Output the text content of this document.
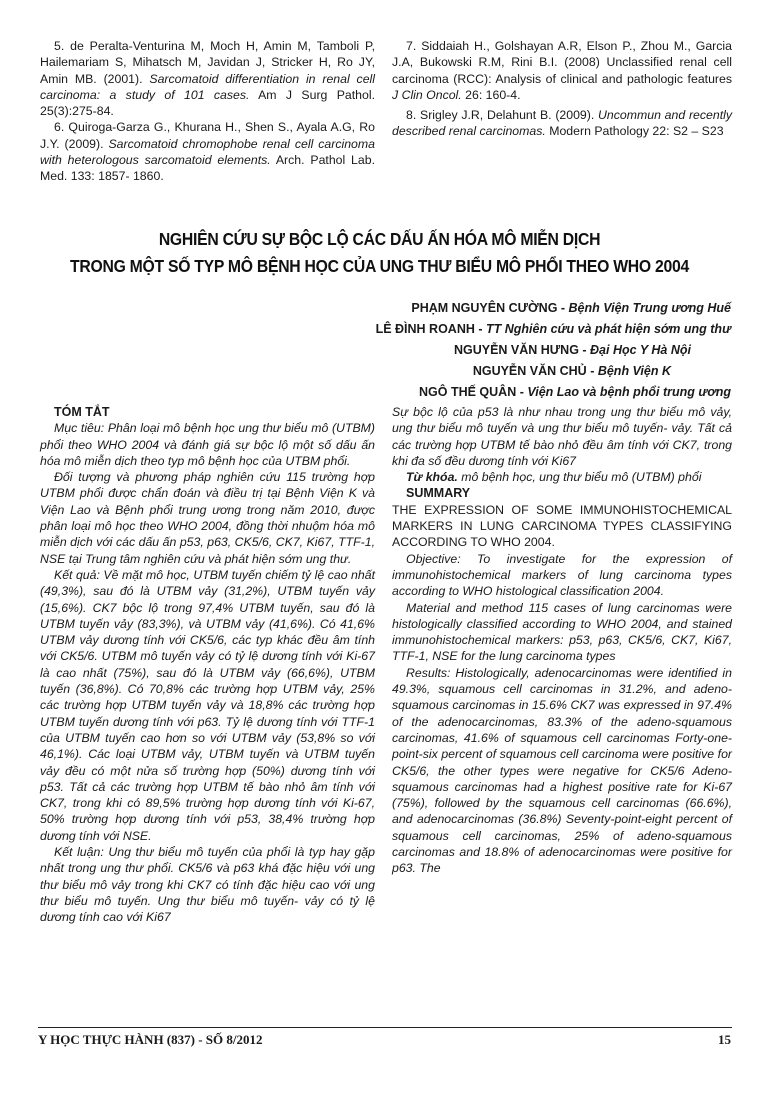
5. de Peralta-Venturina M, Moch H, Amin M, Tamboli P, Hailemariam S, Mihatsch M, Javidan J, Stricker H, Ro JY, Amin MB. (2001). Sarcomatoid differentiation in renal cell carcinoma: a study of 101 cases. Am J Surg Pathol. 25(3):275-84.

6. Quiroga-Garza G., Khurana H., Shen S., Ayala A.G, Ro J.Y. (2009). Sarcomatoid chromophobe renal cell carcinoma with heterologous sarcomatoid elements. Arch. Pathol Lab. Med. 133: 1857- 1860.

7. Siddaiah H., Golshayan A.R, Elson P., Zhou M., Garcia J.A, Bukowski R.M, Rini B.I. (2008) Unclassified renal cell carcinoma (RCC): Analysis of clinical and pathologic features J Clin Oncol. 26: 160-4.

8. Srigley J.R, Delahunt B. (2009). Uncommun and recently described renal carcinomas. Modern Pathology 22: S2 – S23

NGHIÊN CỨU SỰ BỘC LỘ CÁC DẤU ẤN HÓA MÔ MIỄN DỊCH
TRONG MỘT SỐ TYP MÔ BỆNH HỌC CỦA UNG THƯ BIỂU MÔ PHỔI THEO WHO 2004
PHẠM NGUYÊN CƯỜNG - Bệnh Viện Trung ương Huế
LÊ ĐÌNH ROANH - TT Nghiên cứu và phát hiện sớm ung thư
NGUYỄN VĂN HƯNG - Đại Học Y Hà Nội
NGUYỄN VĂN CHỦ - Bệnh Viện K
NGÔ THẾ QUÂN - Viện Lao và bệnh phổi trung ương
TÓM TẮT

Mục tiêu: Phân loại mô bệnh học ung thư biểu mô (UTBM) phổi theo WHO 2004 và đánh giá sự bộc lộ một số dấu ấn hóa mô miễn dịch theo typ mô bệnh học của UTBM phổi.

Đối tượng và phương pháp nghiên cứu 115 trường hợp UTBM phổi được chẩn đoán và điều trị tại Bệnh Viện K và Viện Lao và Bệnh phổi trung ương trong năm 2010, được phân loại mô học theo WHO 2004, đồng thời nhuộm hóa mô miễn dịch với các dấu ấn p53, p63, CK5/6, CK7, Ki67, TTF-1, NSE tại Trung tâm nghiên cứu và phát hiện sớm ung thư.

Kết quả: Về mặt mô học, UTBM tuyến chiếm tỷ lệ cao nhất (49,3%), sau đó là UTBM vảy (31,2%), UTBM tuyến vảy (15,6%). CK7 bộc lộ trong 97,4% UTBM tuyến, sau đó là UTBM tuyến vảy (83,3%), và UTBM vảy (41,6%). Có 41,6% UTBM vảy dương tính với CK5/6, các typ khác đều âm tính với CK5/6. UTBM mô tuyến vảy có tỷ lệ dương tính với Ki-67 là cao nhất (75%), sau đó là UTBM vảy (66,6%), UTBM tuyến (36,8%). Có 70,8% các trường hợp UTBM vảy, 25% các trường hợp UTBM tuyến vảy và 18,8% các trường hợp UTBM tuyến dương tính với p63. Tỷ lệ dương tính với TTF-1 của UTBM tuyến cao hơn so với UTBM vảy (53,8% so với 46,1%). Các loại UTBM vảy, UTBM tuyến và UTBM tuyến vảy đều có một nửa số trường hợp (50%) dương tính với p53. Tất cả các trường hợp UTBM tế bào nhỏ âm tính với CK7, trong khi có 89,5% trường hợp dương tính với Ki-67, 50% trường hợp dương tính với p53, 38,4% trường hợp dương tính với NSE.

Kết luận: Ung thư biểu mô tuyến của phổi là typ hay gặp nhất trong ung thư phổi. CK5/6 và p63 khá đặc hiệu với ung thư biểu mô vảy trong khi CK7 có tính đặc hiệu cao với ung thư biểu mô tuyến. Ung thư biểu mô tuyến- vảy có tỷ lệ dương tính cao với Ki67

Sự bộc lộ của p53 là như nhau trong ung thư biểu mô vảy, ung thư biểu mô tuyến và ung thư biểu mô tuyến- vảy. Tất cả các trường hợp UTBM tế bào nhỏ đều âm tính với CK7, trong khi đa số đều dương tính với Ki67

Từ khóa. mô bệnh học, ung thư biểu mô (UTBM) phổi

SUMMARY

THE EXPRESSION OF SOME IMMUNOHISTOCHEMICAL MARKERS IN LUNG CARCINOMA TYPES CLASSIFYING ACCORDING TO WHO 2004.

Objective: To investigate for the expression of immunohistochemical markers of lung carcinoma types according to WHO histological classification 2004.

Material and method 115 cases of lung carcinomas were histologically classified according to WHO 2004, and stained immunohistochemical markers: p53, p63, CK5/6, CK7, Ki67, TTF-1, NSE for the lung carcinoma types

Results: Histologically, adenocarcinomas were identified in 49.3%, squamous cell carcinomas in 31.2%, and adeno-squamous carcinomas in 15.6% CK7 was expressed in 97.4% of the adenocarcinomas, 83.3% of the adeno-squamous carcinomas, 41.6% of squamous cell carcinomas Forty-one-point-six percent of squamous cell carcinoma were positive for CK5/6, the other types were negative for CK5/6 Adeno-squamous carcinomas had a highest positive rate for Ki-67 (75%), followed by the squamous cell carcinomas (66.6%), and adenocarcinomas (36.8%) Seventy-point-eight percent of squamous cell carcinomas, 25% of adeno-squamous carcinomas and 18.8% of adenocarcinomas were positive for p63. The

Y HỌC THỰC HÀNH (837) - SỐ 8/2012	15
